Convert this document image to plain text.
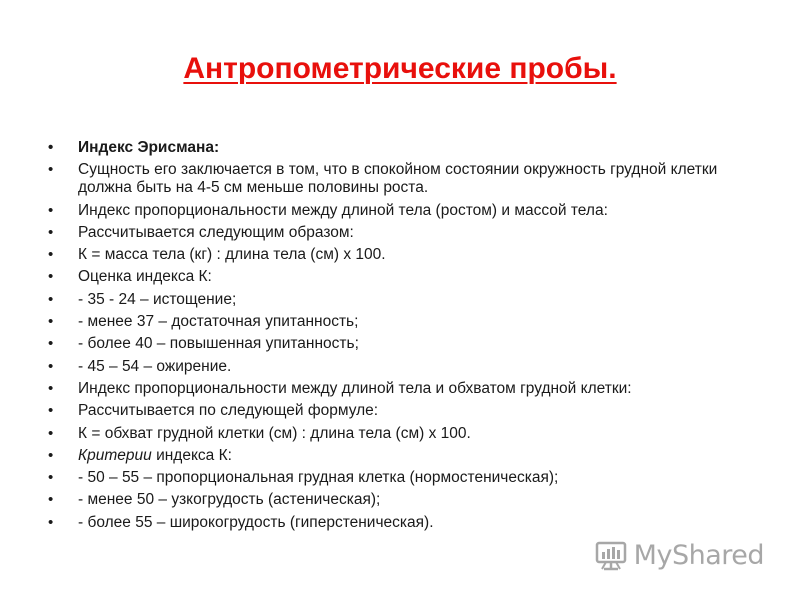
Антропометрические пробы.
• Индекс Эрисмана:
• Сущность его заключается в том, что в спокойном состоянии окружность грудной клетки должна быть на 4-5 см меньше половины роста.
• Индекс пропорциональности между длиной тела (ростом) и массой тела:
• Рассчитывается следующим образом:
• К = масса тела (кг) : длина тела (см) х 100.
• Оценка индекса К:
• - 35 - 24 – истощение;
• - менее 37 – достаточная упитанность;
• - более 40 – повышенная упитанность;
• - 45 – 54 – ожирение.
• Индекс пропорциональности между длиной тела и обхватом грудной клетки:
• Рассчитывается по следующей формуле:
• К = обхват грудной клетки (см) : длина тела (см) х 100.
• Критерии индекса К:
• - 50 – 55 – пропорциональная грудная клетка (нормостеническая);
• - менее 50 – узкогрудость (астеническая);
• - более 55 – широкогрудость (гиперстеническая).
MyShared
